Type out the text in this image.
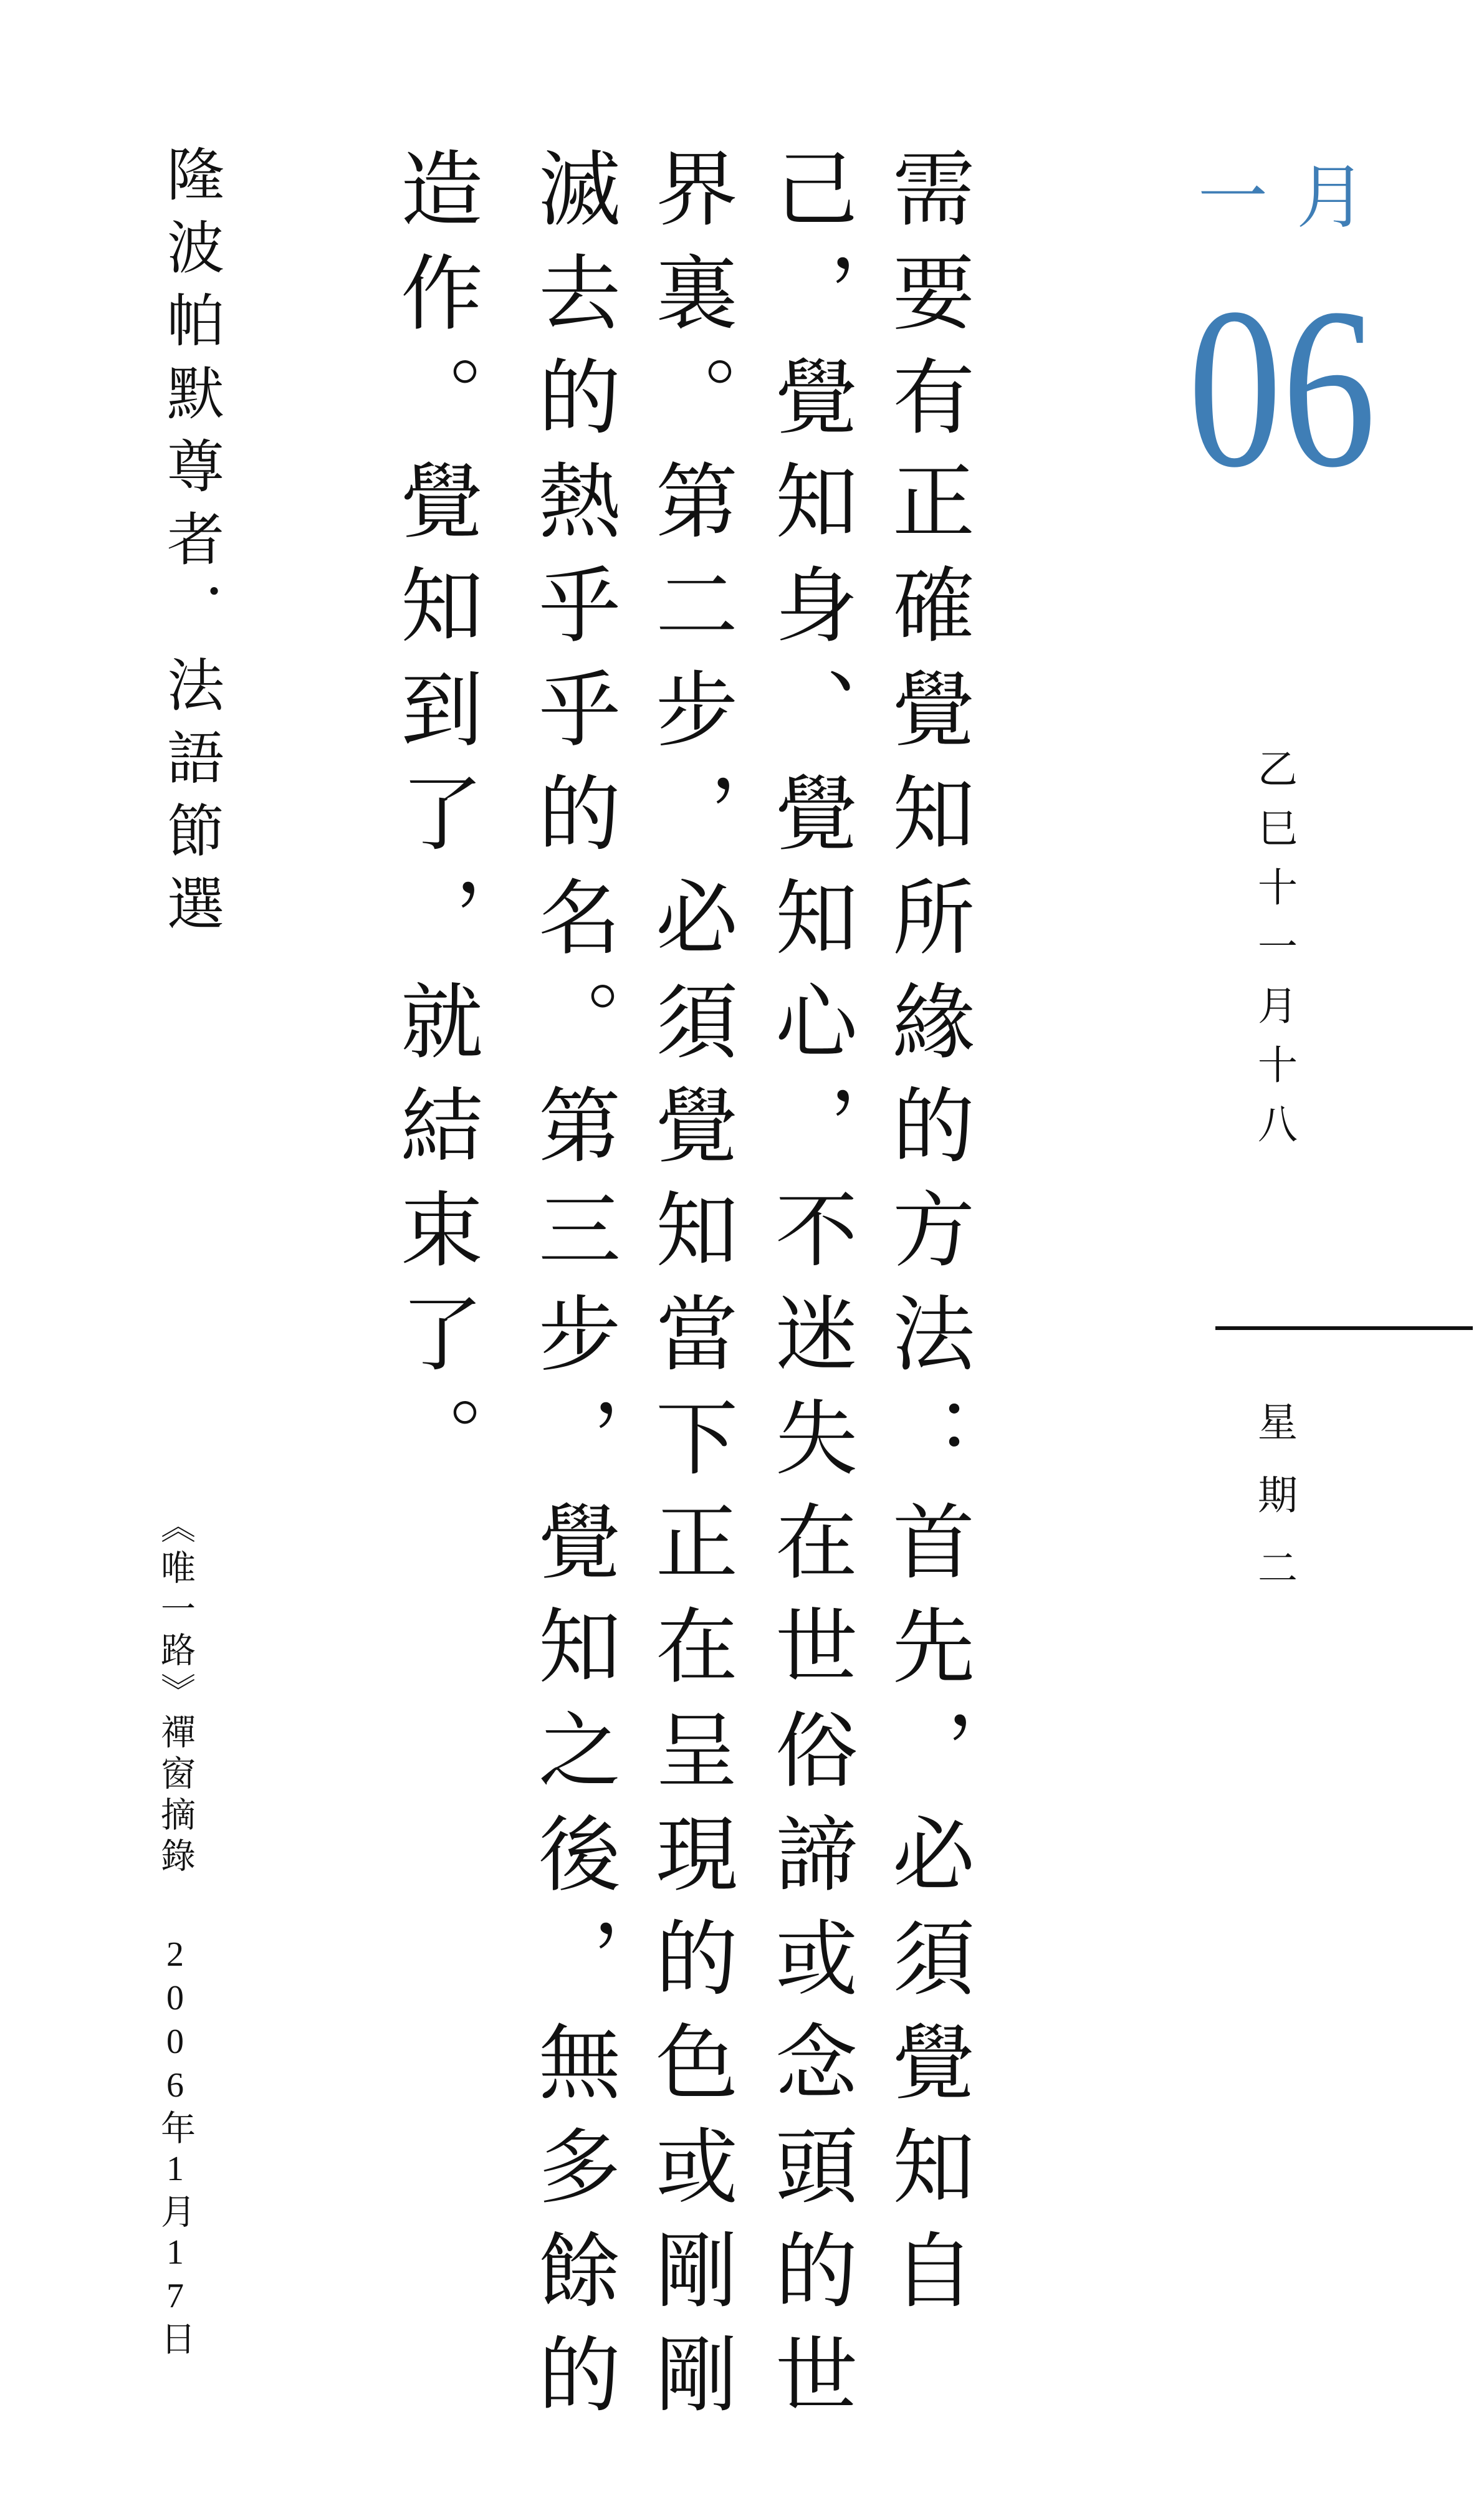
一月
06
乙巳十一月十八
星期二
需要有正確覺知所緣的方法：首先，必須覺知自
己，覺知身、覺知心，不迷失在世俗諦或念頭的世
界裏。第二步，必須覺知當下正在呈現的色或剛剛
滅去的熱乎乎的名。第三步，覺知之後，無多餘的
造作。覺知到了，就結束了。
隆波帕默尊者．法語節選
《唯一路》禪窗摘錄
2006年1月17日
